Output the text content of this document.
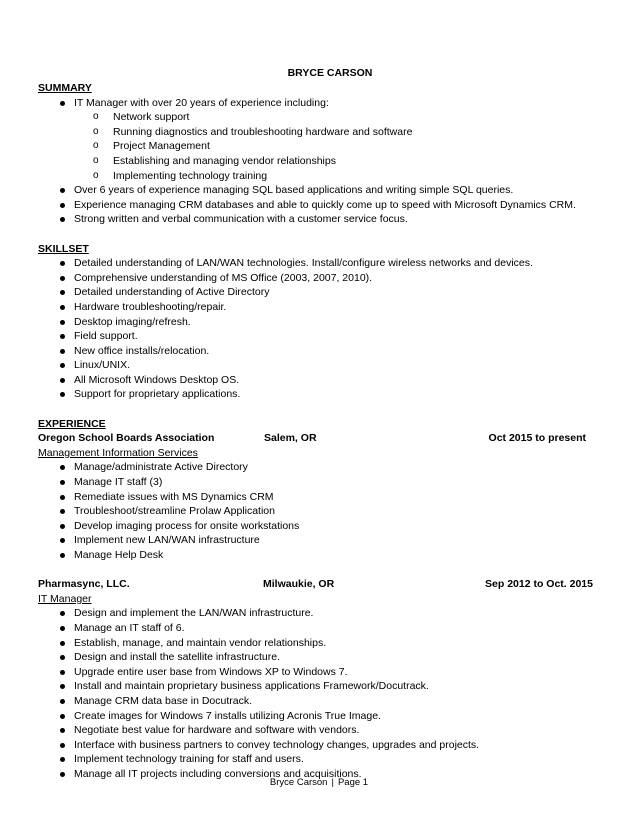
BRYCE CARSON
SUMMARY
IT Manager with over 20 years of experience including:
o Network support
o Running diagnostics and troubleshooting hardware and software
o Project Management
o Establishing and managing vendor relationships
o Implementing technology training
Over 6 years of experience managing SQL based applications and writing simple SQL queries.
Experience managing CRM databases and able to quickly come up to speed with Microsoft Dynamics CRM.
Strong written and verbal communication with a customer service focus.
SKILLSET
Detailed understanding of LAN/WAN technologies. Install/configure wireless networks and devices.
Comprehensive understanding of MS Office (2003, 2007, 2010).
Detailed understanding of Active Directory
Hardware troubleshooting/repair.
Desktop imaging/refresh.
Field support.
New office installs/relocation.
Linux/UNIX.
All Microsoft Windows Desktop OS.
Support for proprietary applications.
EXPERIENCE
Oregon School Boards Association	Salem, OR	Oct 2015 to present
Management Information Services
Manage/administrate Active Directory
Manage IT staff (3)
Remediate issues with MS Dynamics CRM
Troubleshoot/streamline Prolaw Application
Develop imaging process for onsite workstations
Implement new LAN/WAN infrastructure
Manage Help Desk
Pharmasync, LLC.	Milwaukie, OR	Sep 2012 to Oct. 2015
IT Manager
Design and implement the LAN/WAN infrastructure.
Manage an IT staff of 6.
Establish, manage, and maintain vendor relationships.
Design and install the satellite infrastructure.
Upgrade entire user base from Windows XP to Windows 7.
Install and maintain proprietary business applications Framework/Docutrack.
Manage CRM data base in Docutrack.
Create images for Windows 7 installs utilizing Acronis True Image.
Negotiate best value for hardware and software with vendors.
Interface with business partners to convey technology changes, upgrades and projects.
Implement technology training for staff and users.
Manage all IT projects including conversions and acquisitions.
Bryce Carson | Page 1
